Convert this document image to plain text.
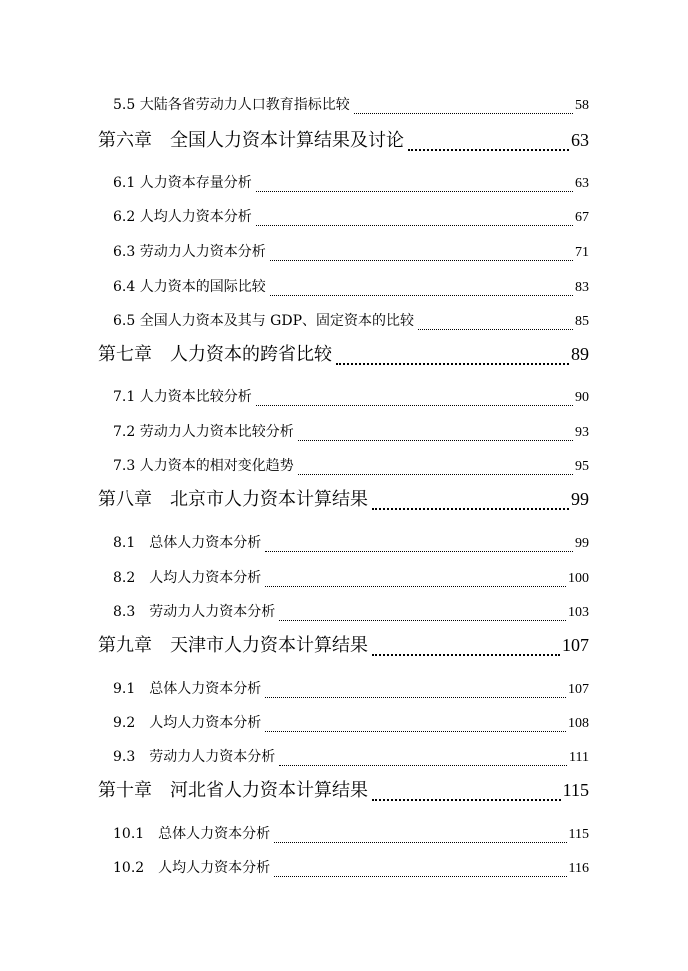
5.5 大陆各省劳动力人口教育指标比较	58
第六章　全国人力资本计算结果及讨论	63
6.1 人力资本存量分析	63
6.2 人均人力资本分析	67
6.3 劳动力人力资本分析	71
6.4 人力资本的国际比较	83
6.5 全国人力资本及其与 GDP、固定资本的比较	85
第七章　人力资本的跨省比较	89
7.1 人力资本比较分析	90
7.2 劳动力人力资本比较分析	93
7.3 人力资本的相对变化趋势	95
第八章　北京市人力资本计算结果	99
8.1　总体人力资本分析	99
8.2　人均人力资本分析	100
8.3　劳动力人力资本分析	103
第九章　天津市人力资本计算结果	107
9.1　总体人力资本分析	107
9.2　人均人力资本分析	108
9.3　劳动力人力资本分析	111
第十章　河北省人力资本计算结果	115
10.1　总体人力资本分析	115
10.2　人均人力资本分析	116
